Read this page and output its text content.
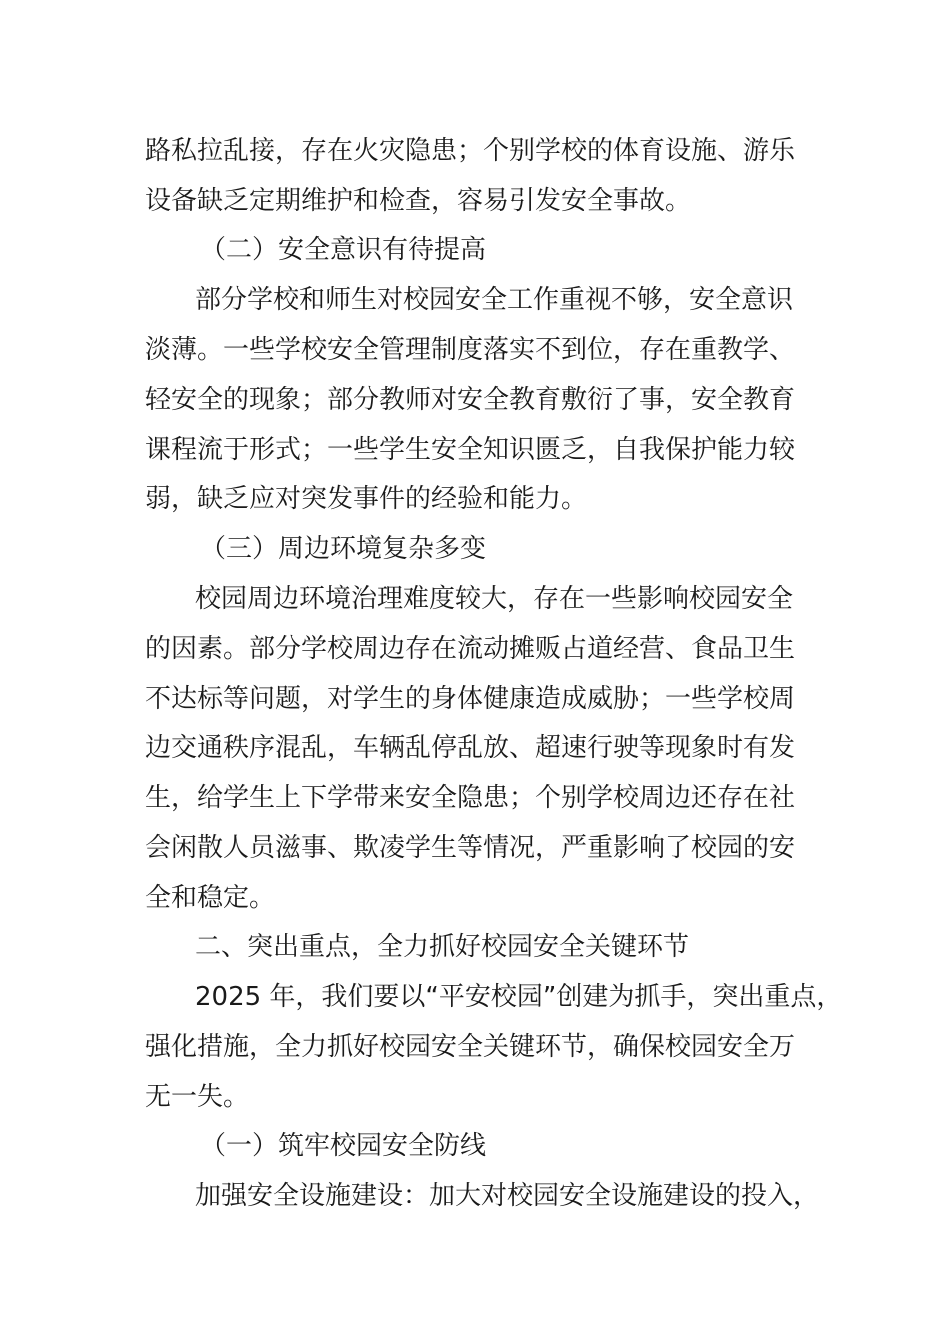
路私拉乱接，存在火灾隐患；个别学校的体育设施、游乐

设备缺乏定期维护和检查，容易引发安全事故。

（二）安全意识有待提高

部分学校和师生对校园安全工作重视不够，安全意识

淡薄。一些学校安全管理制度落实不到位，存在重教学、

轻安全的现象；部分教师对安全教育敷衍了事，安全教育

课程流于形式；一些学生安全知识匮乏，自我保护能力较

弱，缺乏应对突发事件的经验和能力。

（三）周边环境复杂多变

校园周边环境治理难度较大，存在一些影响校园安全

的因素。部分学校周边存在流动摊贩占道经营、食品卫生

不达标等问题，对学生的身体健康造成威胁；一些学校周

边交通秩序混乱，车辆乱停乱放、超速行驶等现象时有发

生，给学生上下学带来安全隐患；个别学校周边还存在社

会闲散人员滋事、欺凌学生等情况，严重影响了校园的安

全和稳定。

二、突出重点，全力抓好校园安全关键环节

2025 年，我们要以“平安校园”创建为抓手，突出重点，

强化措施，全力抓好校园安全关键环节，确保校园安全万

无一失。

（一）筑牢校园安全防线

加强安全设施建设：加大对校园安全设施建设的投入，
